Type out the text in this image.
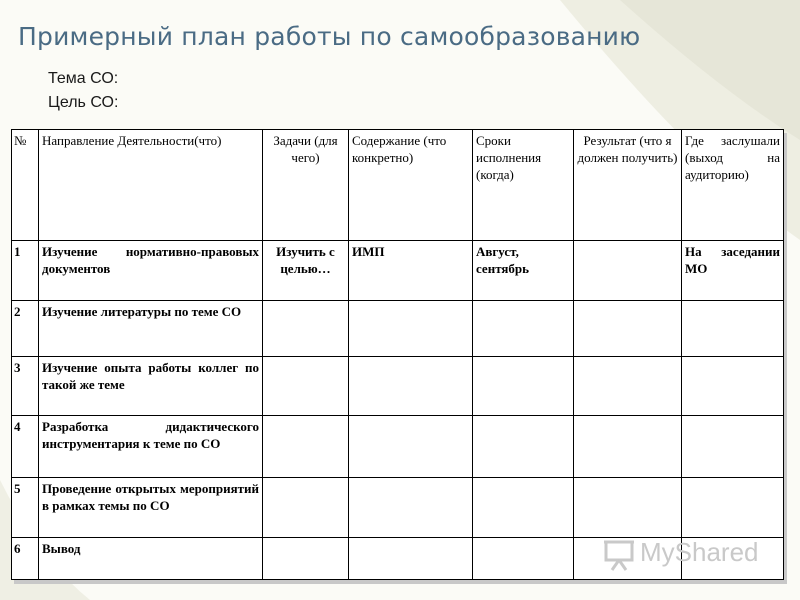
Примерный план работы по самообразованию
Тема СО:
Цель СО:
№	Направление Деятельности(что)	Задачи (для чего)	Содержание (что конкретно)	Сроки исполнения (когда)	Результат (что я должен получить)	Где заслушали (выход на аудиторию)
1	Изучение нормативно-правовых документов	Изучить с целью…	ИМП	Август, сентябрь		На заседании МО
2	Изучение литературы по теме СО					
3	Изучение опыта работы коллег по такой же теме					
4	Разработка дидактического инструментария к теме по СО					
5	Проведение открытых мероприятий в рамках темы по СО					
6	Вывод						MyShared
